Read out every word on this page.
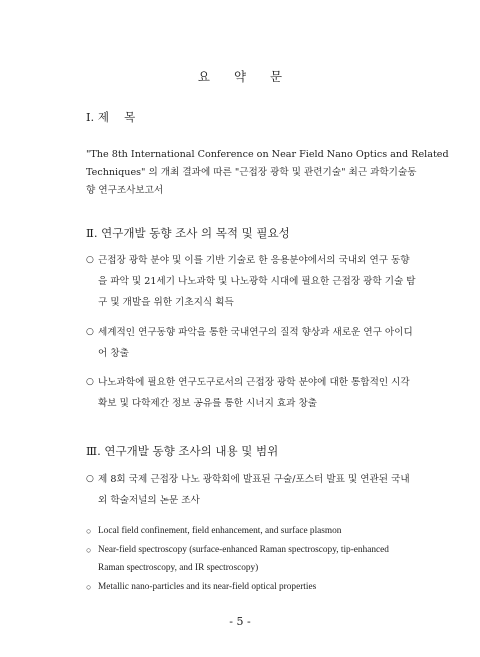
요 약 문
Ⅰ. 제　 목
"The 8th International Conference on Near Field Nano Optics and Related
Techniques" 의 개최 결과에 따른 "근접장 광학 및 관련기술" 최근 과학기술동
향 연구조사보고서
Ⅱ. 연구개발 동향 조사 의 목적 및 필요성
○ 근접장 광학 분야 및 이를 기반 기술로 한 응용분야에서의 국내외 연구 동향
을 파악 및 21세기 나노과학 및 나노광학 시대에 필요한 근접장 광학 기술 탐
구 및 개발을 위한 기초지식 획득
○ 세계적인 연구동향 파악을 통한 국내연구의 질적 향상과 새로운 연구 아이디
어 창출
○ 나노과학에 필요한 연구도구로서의 근접장 광학 분야에 대한 통합적인 시각
확보 및 다학제간 정보 공유를 통한 시너지 효과 창출
Ⅲ. 연구개발 동향 조사의 내용 및 범위
○ 제 8회 국제 근접장 나노 광학회에 발표된 구술/포스터 발표 및 연관된 국내
외 학술저널의 논문 조사
○ Local field confinement, field enhancement, and surface plasmon
○ Near-field spectroscopy (surface-enhanced Raman spectroscopy, tip-enhanced
Raman spectroscopy, and IR spectroscopy)
○ Metallic nano-particles and its near-field optical properties
- 5 -
